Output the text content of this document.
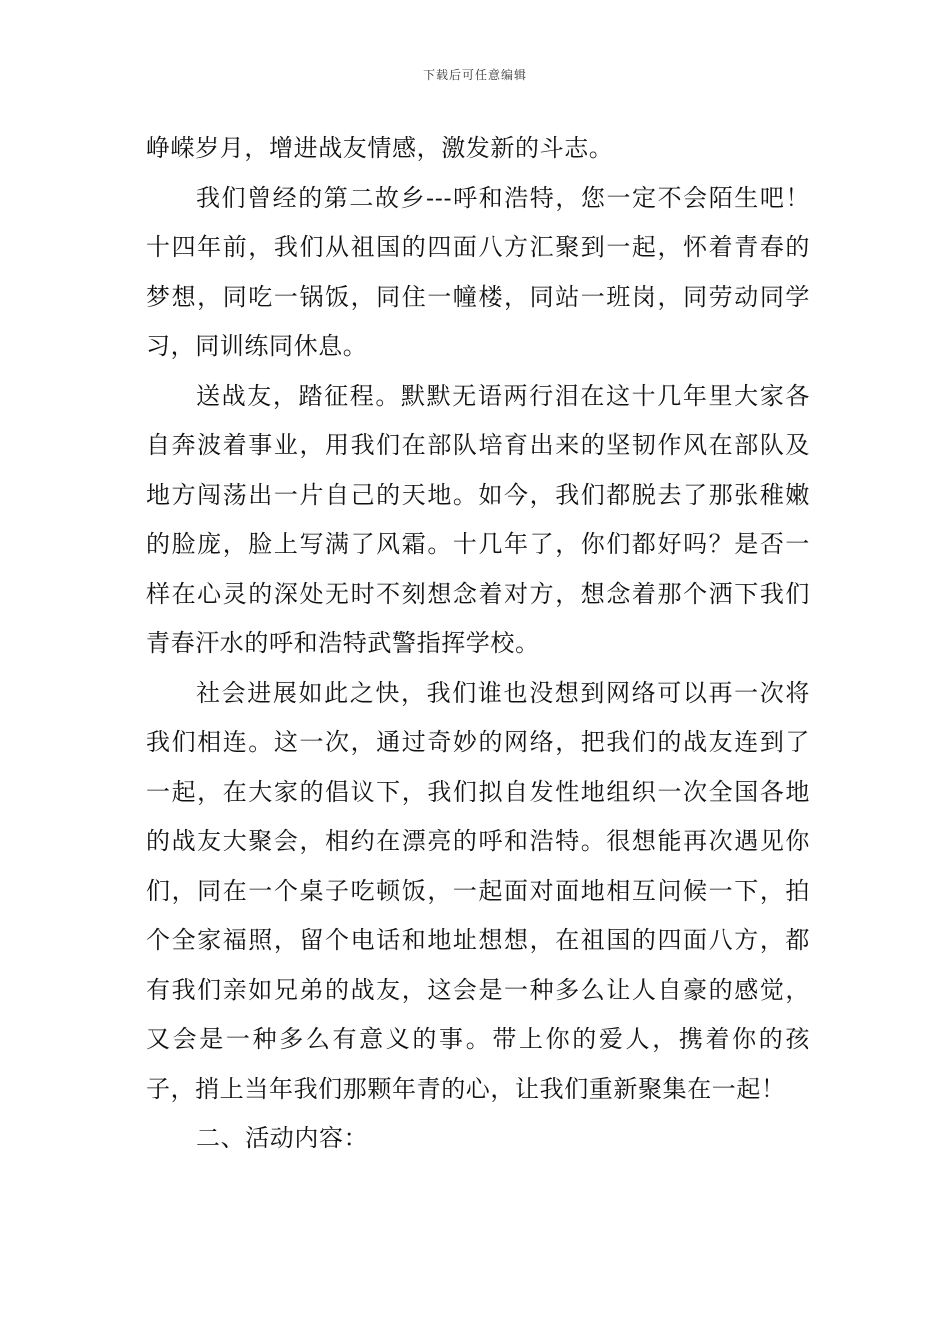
下载后可任意编辑

峥嵘岁月，增进战友情感，激发新的斗志。

我们曾经的第二故乡---呼和浩特，您一定不会陌生吧！十四年前，我们从祖国的四面八方汇聚到一起，怀着青春的梦想，同吃一锅饭，同住一幢楼，同站一班岗，同劳动同学习，同训练同休息。

送战友，踏征程。默默无语两行泪在这十几年里大家各自奔波着事业，用我们在部队培育出来的坚韧作风在部队及地方闯荡出一片自己的天地。如今，我们都脱去了那张稚嫩的脸庞，脸上写满了风霜。十几年了，你们都好吗？是否一样在心灵的深处无时不刻想念着对方，想念着那个洒下我们青春汗水的呼和浩特武警指挥学校。

社会进展如此之快，我们谁也没想到网络可以再一次将我们相连。这一次，通过奇妙的网络，把我们的战友连到了一起，在大家的倡议下，我们拟自发性地组织一次全国各地的战友大聚会，相约在漂亮的呼和浩特。很想能再次遇见你们，同在一个桌子吃顿饭，一起面对面地相互问候一下，拍个全家福照，留个电话和地址想想，在祖国的四面八方，都有我们亲如兄弟的战友，这会是一种多么让人自豪的感觉，又会是一种多么有意义的事。带上你的爱人，携着你的孩子，捎上当年我们那颗年青的心，让我们重新聚集在一起！

二、活动内容：
